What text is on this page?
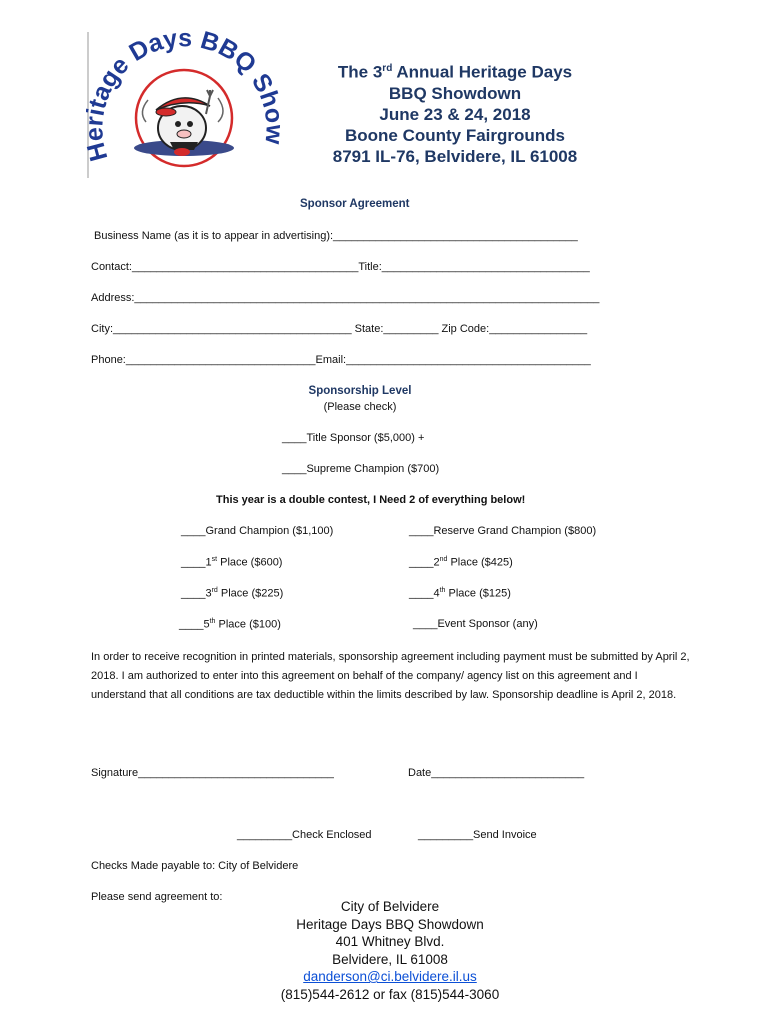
tage Days BBQ S	The 3rd Annual Heritage Days
BBQ Showdown
June 23 & 24, 2018
Boone County Fairgrounds
8791 IL-76, Belvidere, IL 61008
Sponsor Agreement
Business Name (as it is to appear in advertising):________________________________________
Contact:_____________________________________Title:__________________________________
Address:____________________________________________________________________________
City:_______________________________________ State:_________ Zip Code:________________
Phone:_______________________________Email:________________________________________
Sponsorship Level
(Please check)
____Title Sponsor ($5,000) +
____Supreme Champion ($700)
This year is a double contest, I Need 2 of everything below!
____Grand Champion ($1,100)	____Reserve Grand Champion ($800)
____1st Place ($600)	____2nd Place ($425)
____3rd Place ($225)	____4th Place ($125)
____5th Place ($100)	____Event Sponsor (any)
In order to receive recognition in printed materials, sponsorship agreement including payment must be submitted by April 2, 2018. I am authorized to enter into this agreement on behalf of the company/ agency list on this agreement and I understand that all conditions are tax deductible within the limits described by law. Sponsorship deadline is April 2, 2018.
Signature________________________________	Date_________________________
_________Check Enclosed	_________Send Invoice
Checks Made payable to: City of Belvidere
Please send agreement to:
City of Belvidere
Heritage Days BBQ Showdown
401 Whitney Blvd.
Belvidere, IL 61008
danderson@ci.belvidere.il.us
(815)544-2612 or fax (815)544-3060
